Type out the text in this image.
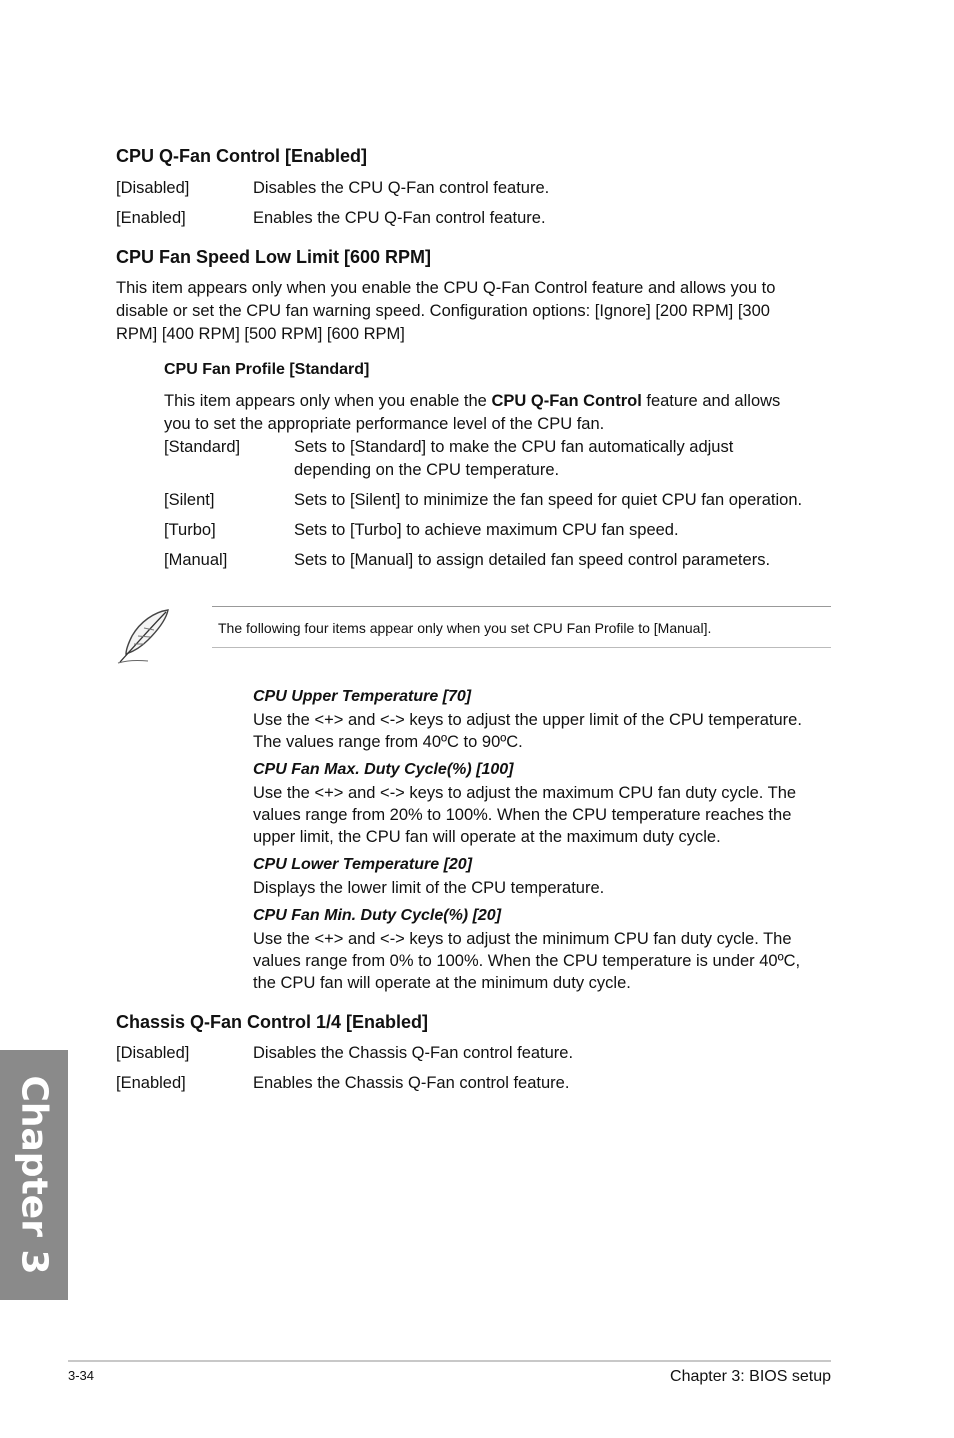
CPU Q-Fan Control [Enabled]
[Disabled]	Disables the CPU Q-Fan control feature.
[Enabled]	Enables the CPU Q-Fan control feature.
CPU Fan Speed Low Limit [600 RPM]
This item appears only when you enable the CPU Q-Fan Control feature and allows you to
disable or set the CPU fan warning speed. Configuration options: [Ignore] [200 RPM] [300
RPM] [400 RPM] [500 RPM] [600 RPM]
CPU Fan Profile [Standard]
This item appears only when you enable the CPU Q-Fan Control feature and allows
you to set the appropriate performance level of the CPU fan.
[Standard]	Sets to [Standard] to make the CPU fan automatically adjust
depending on the CPU temperature.
[Silent]	Sets to [Silent] to minimize the fan speed for quiet CPU fan operation.
[Turbo]	Sets to [Turbo] to achieve maximum CPU fan speed.
[Manual]	Sets to [Manual] to assign detailed fan speed control parameters.
The following four items appear only when you set CPU Fan Profile to [Manual].
CPU Upper Temperature [70]
Use the <+> and <-> keys to adjust the upper limit of the CPU temperature.
The values range from 40ºC to 90ºC.
CPU Fan Max. Duty Cycle(%) [100]
Use the <+> and <-> keys to adjust the maximum CPU fan duty cycle. The
values range from 20% to 100%. When the CPU temperature reaches the
upper limit, the CPU fan will operate at the maximum duty cycle.
CPU Lower Temperature [20]
Displays the lower limit of the CPU temperature.
CPU Fan Min. Duty Cycle(%) [20]
Use the <+> and <-> keys to adjust the minimum CPU fan duty cycle. The
values range from 0% to 100%. When the CPU temperature is under 40ºC,
the CPU fan will operate at the minimum duty cycle.
Chassis Q-Fan Control 1/4 [Enabled]
[Disabled]	Disables the Chassis Q-Fan control feature.
[Enabled]	Enables the Chassis Q-Fan control feature.
Chapter 3
3-34	Chapter 3: BIOS setup
